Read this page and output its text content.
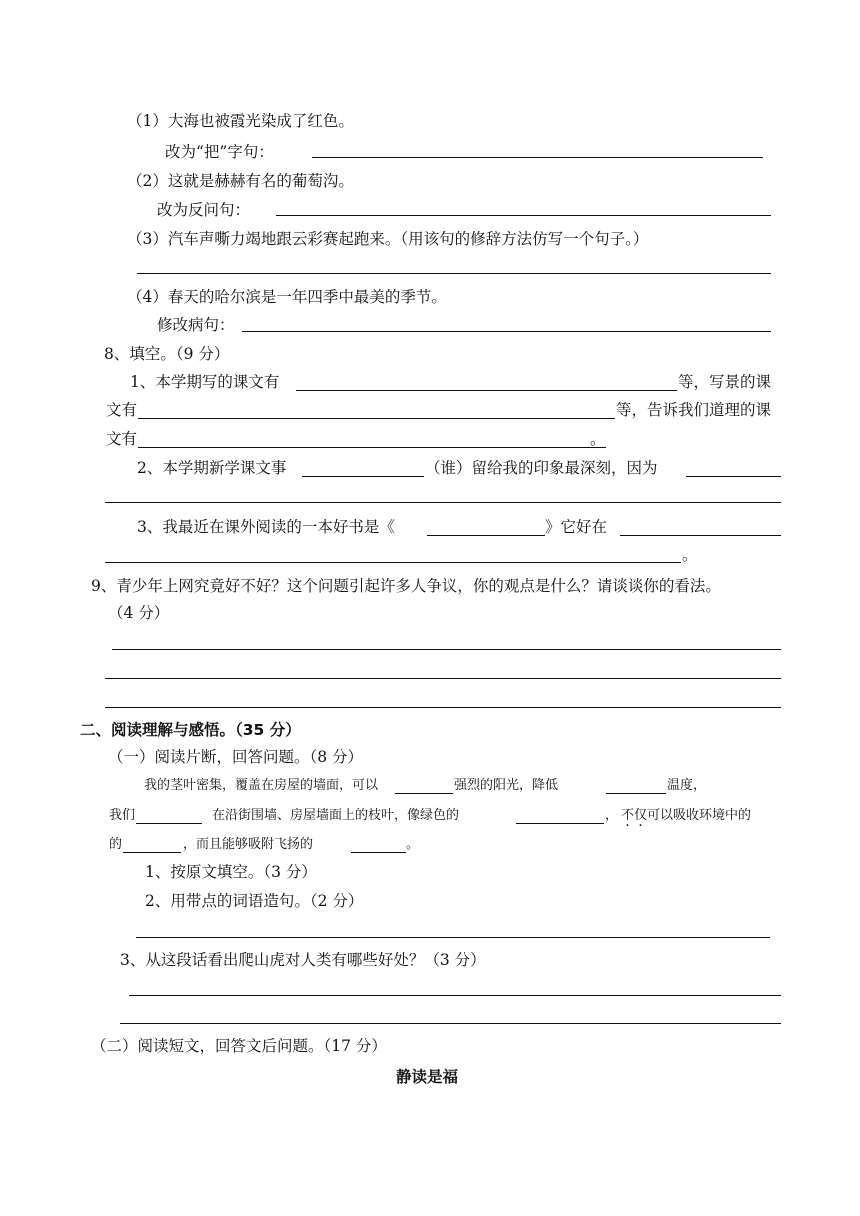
（1）大海也被霞光染成了红色。
改为“把”字句：
（2）这就是赫赫有名的葡萄沟。
改为反问句：
（3）汽车声嘶力竭地跟云彩赛起跑来。（用该句的修辞方法仿写一个句子。）
（4）春天的哈尔滨是一年四季中最美的季节。
修改病句：
8、填空。（9 分）
1、本学期写的课文有	等，写景的课
文有	等，告诉我们道理的课
文有	。
2、本学期新学课文事	（谁）留给我的印象最深刻，因为
3、我最近在课外阅读的一本好书是《	》它好在
。
9、青少年上网究竟好不好？这个问题引起许多人争议，你的观点是什么？请谈谈你的看法。
（4 分）
二、阅读理解与感悟。（35 分）
（一）阅读片断，回答问题。（8 分）
我的茎叶密集，覆盖在房屋的墙面，可以	强烈的阳光，降低	温度，
我们	在沿街围墙、房屋墙面上的枝叶，像绿色的	， 不仅 可以吸收环境中的
的	，而且能够吸附飞扬的	。
1、按原文填空。（3 分）
2、用带点的词语造句。（2 分）
3、从这段话看出爬山虎对人类有哪些好处？（3 分）
（二）阅读短文，回答文后问题。（17 分）
静读是福
